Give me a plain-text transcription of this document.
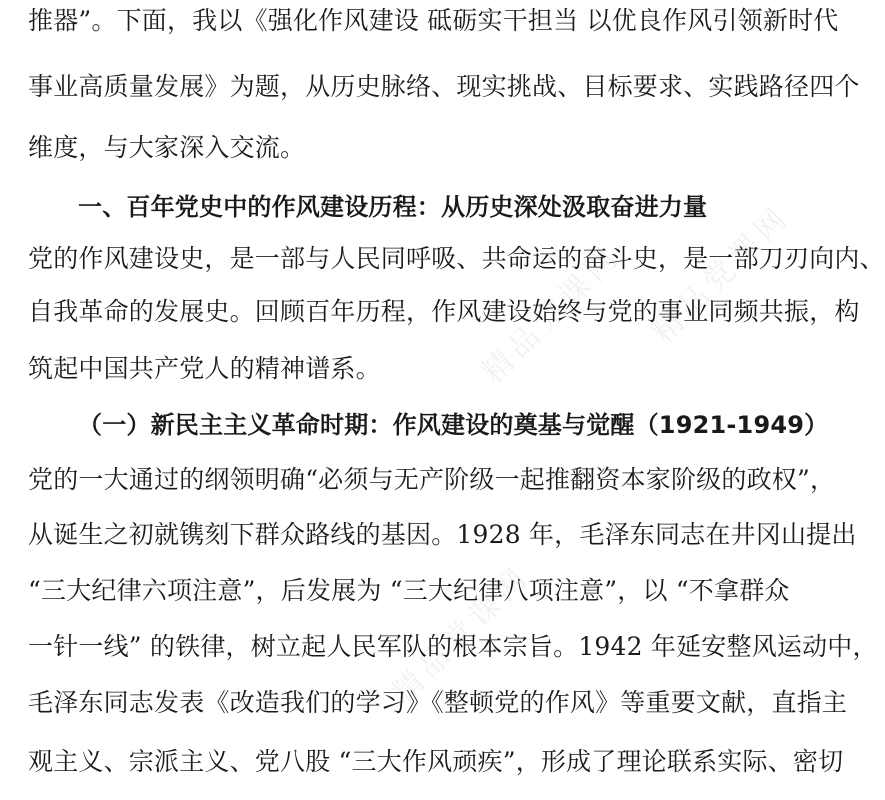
精品党课网
精品党课网
精品党课网
推器”。下面，我以《强化作风建设 砥砺实干担当 以优良作风引领新时代
事业高质量发展》为题，从历史脉络、现实挑战、目标要求、实践路径四个
维度，与大家深入交流。
一、百年党史中的作风建设历程：从历史深处汲取奋进力量
党的作风建设史，是一部与人民同呼吸、共命运的奋斗史，是一部刀刃向内、
自我革命的发展史。回顾百年历程，作风建设始终与党的事业同频共振，构
筑起中国共产党人的精神谱系。
（一）新民主主义革命时期：作风建设的奠基与觉醒（1921-1949）
党的一大通过的纲领明确“必须与无产阶级一起推翻资本家阶级的政权”，
从诞生之初就镌刻下群众路线的基因。1928 年，毛泽东同志在井冈山提出
“三大纪律六项注意”，后发展为 “三大纪律八项注意”，以 “不拿群众
一针一线” 的铁律，树立起人民军队的根本宗旨。1942 年延安整风运动中，
毛泽东同志发表《改造我们的学习》《整顿党的作风》等重要文献，直指主
观主义、宗派主义、党八股 “三大作风顽疾”，形成了理论联系实际、密切
